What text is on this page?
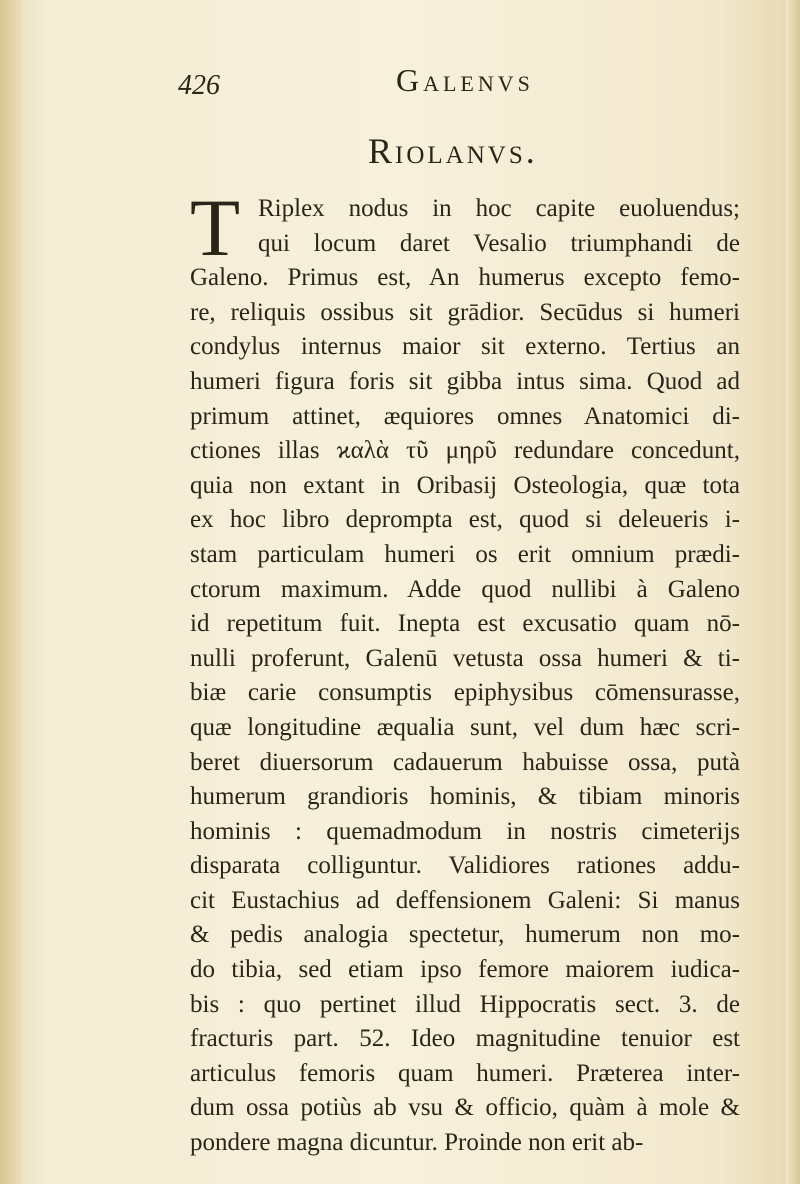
426	Galenvs
Riolanvs.
T Riplex nodus in hoc capite euoluendus;
qui locum daret Vesalio triumphandi de
Galeno. Primus est, An humerus excepto femo-
re, reliquis ossibus sit grādior. Secūdus si humeri
condylus internus maior sit externo. Tertius an
humeri figura foris sit gibba intus sima. Quod ad
primum attinet, æquiores omnes Anatomici di-
ctiones illas ϰαλὰ τῦ μηρῦ redundare concedunt,
quia non extant in Oribasij Osteologia, quæ tota
ex hoc libro deprompta est, quod si deleueris i-
stam particulam humeri os erit omnium prædi-
ctorum maximum. Adde quod nullibi à Galeno
id repetitum fuit. Inepta est excusatio quam nō-
nulli proferunt, Galenū vetusta ossa humeri & ti-
biæ carie consumptis epiphysibus cōmensurasse,
quæ longitudine æqualia sunt, vel dum hæc scri-
beret diuersorum cadauerum habuisse ossa, putà
humerum grandioris hominis, & tibiam minoris
hominis : quemadmodum in nostris cimeterijs
disparata colliguntur. Validiores rationes addu-
cit Eustachius ad deffensionem Galeni: Si manus
& pedis analogia spectetur, humerum non mo-
do tibia, sed etiam ipso femore maiorem iudica-
bis : quo pertinet illud Hippocratis sect. 3. de
fracturis part. 52. Ideo magnitudine tenuior est
articulus femoris quam humeri. Præterea inter-
dum ossa potiùs ab vsu & officio, quàm à mole &
pondere magna dicuntur. Proinde non erit ab-
